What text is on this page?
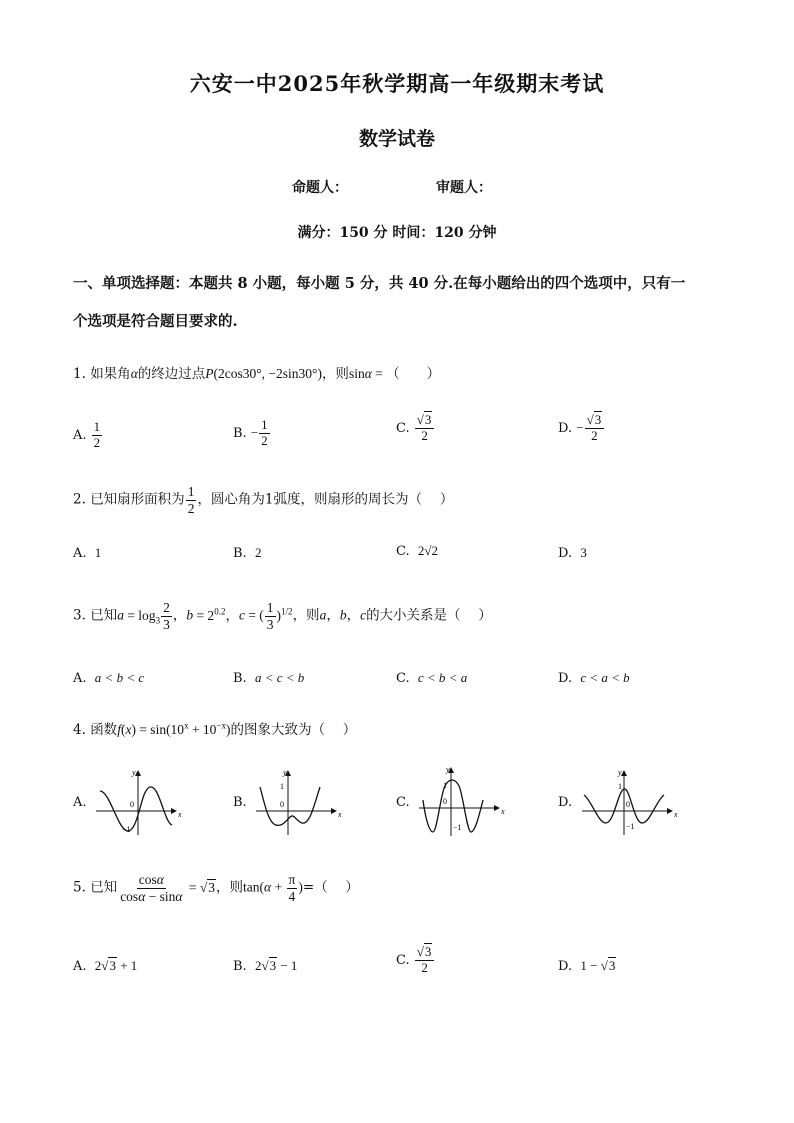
六安一中2025年秋学期高一年级期末考试
数学试卷
命题人：	审题人：
满分：150 分 时间：120 分钟
一、单项选择题：本题共 8 小题，每小题 5 分，共 40 分.在每小题给出的四个选项中，只有一
个选项是符合题目要求的.
1. 如果角α的终边过点P(2cos30°, −2sin30°)，则sinα = （　　）
A. $\frac{1}{2}$	B. − $\frac{1}{2}$	C. $\frac{√3}{2}$	D. − $\frac{√3}{2}$
2. 已知扇形面积为 $\frac{1}{2}$ ，圆心角为1弧度，则扇形的周长为（　 ）
A. 1	B. 2	C. 2√2	D. 3
3. 已知$a = \log_3 \frac{2}{3}$ ，$b = 2^{0.2}$，c = ( $\frac{1}{3} )^{1/2}$，则a，b，c的大小关系是（　 ）
A. a < b < c	B. a < c < b	C. c < b < a	D. c < a < b
4. 函数$f(x) = \sin(10^x + 10^{-x})$的图象大致为（　 ）
A.	B.	C.	D.
y
x
0
−1
y
x
1
0
y
x
1
0
−1
y
x
1
0
−1
5. 已知 $\frac{\cos\alpha}{\cos\alpha - \sin\alpha} = √3$，则$\tan(\alpha + \frac{\pi}{4}$ )=（　 ）
A. 2√3 + 1	B. 2√3 − 1	C. $\frac{√3}{2}$	D. 1 − √3
